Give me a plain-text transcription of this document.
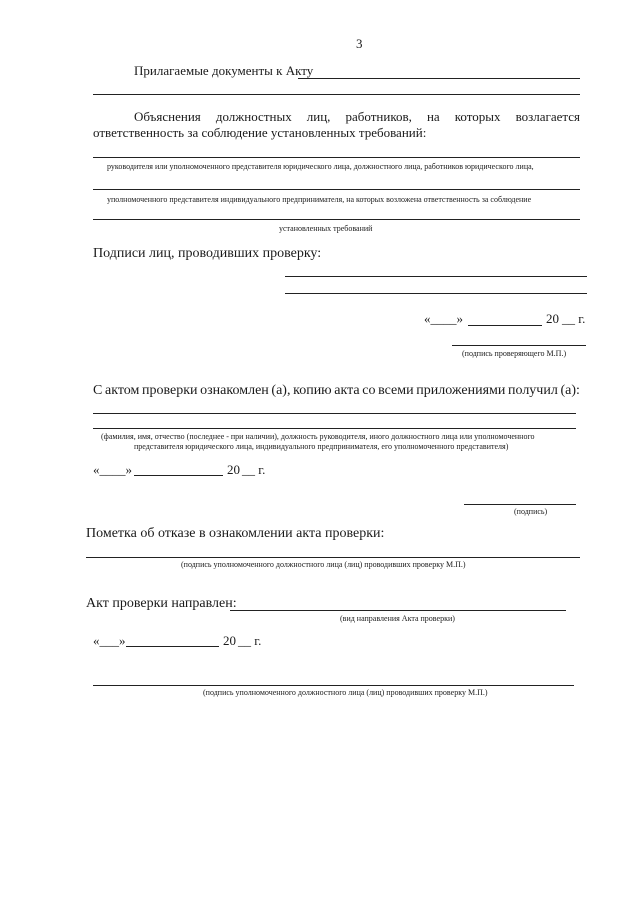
3
Прилагаемые документы к Акту
Объяснения должностных лиц, работников, на которых возлагается
ответственность за соблюдение установленных требований:
руководителя или уполномоченного представителя юридического лица, должностного лица, работников юридического лица,
уполномоченного представителя индивидуального предпринимателя, на которых возложена ответственность за соблюдение
установленных требований
Подписи лиц, проводивших проверку:
«____»	20 __ г.
(подпись проверяющего М.П.)
С актом проверки ознакомлен (а), копию акта со всеми приложениями получил (а):
(фамилия, имя, отчество (последнее - при наличии), должность руководителя, иного должностного лица или уполномоченного
представителя юридического лица, индивидуального предпринимателя, его уполномоченного представителя)
«____»	20 __ г.
(подпись)
Пометка об отказе в ознакомлении акта проверки:
(подпись уполномоченного должностного лица (лиц) проводивших проверку М.П.)
Акт проверки направлен:
(вид направления Акта проверки)
«___»	20 __ г.
(подпись уполномоченного должностного лица (лиц) проводивших проверку М.П.)
